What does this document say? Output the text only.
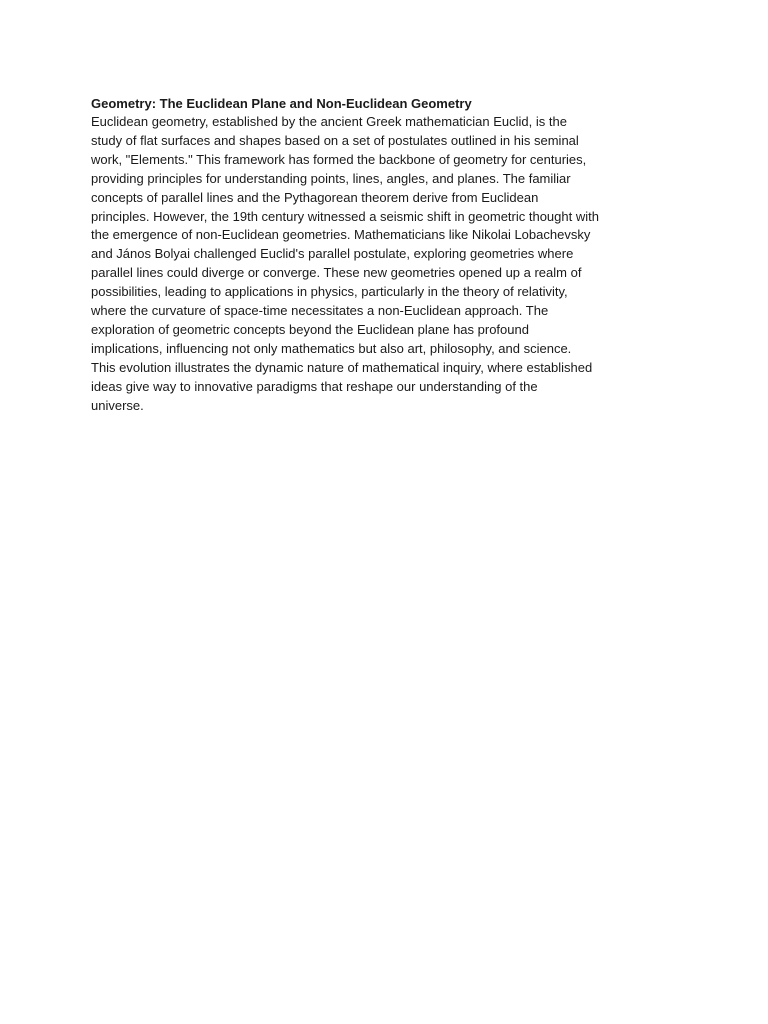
Geometry: The Euclidean Plane and Non-Euclidean Geometry
Euclidean geometry, established by the ancient Greek mathematician Euclid, is the
study of flat surfaces and shapes based on a set of postulates outlined in his seminal
work, "Elements." This framework has formed the backbone of geometry for centuries,
providing principles for understanding points, lines, angles, and planes. The familiar
concepts of parallel lines and the Pythagorean theorem derive from Euclidean
principles. However, the 19th century witnessed a seismic shift in geometric thought with
the emergence of non-Euclidean geometries. Mathematicians like Nikolai Lobachevsky
and János Bolyai challenged Euclid's parallel postulate, exploring geometries where
parallel lines could diverge or converge. These new geometries opened up a realm of
possibilities, leading to applications in physics, particularly in the theory of relativity,
where the curvature of space-time necessitates a non-Euclidean approach. The
exploration of geometric concepts beyond the Euclidean plane has profound
implications, influencing not only mathematics but also art, philosophy, and science.
This evolution illustrates the dynamic nature of mathematical inquiry, where established
ideas give way to innovative paradigms that reshape our understanding of the
universe.
